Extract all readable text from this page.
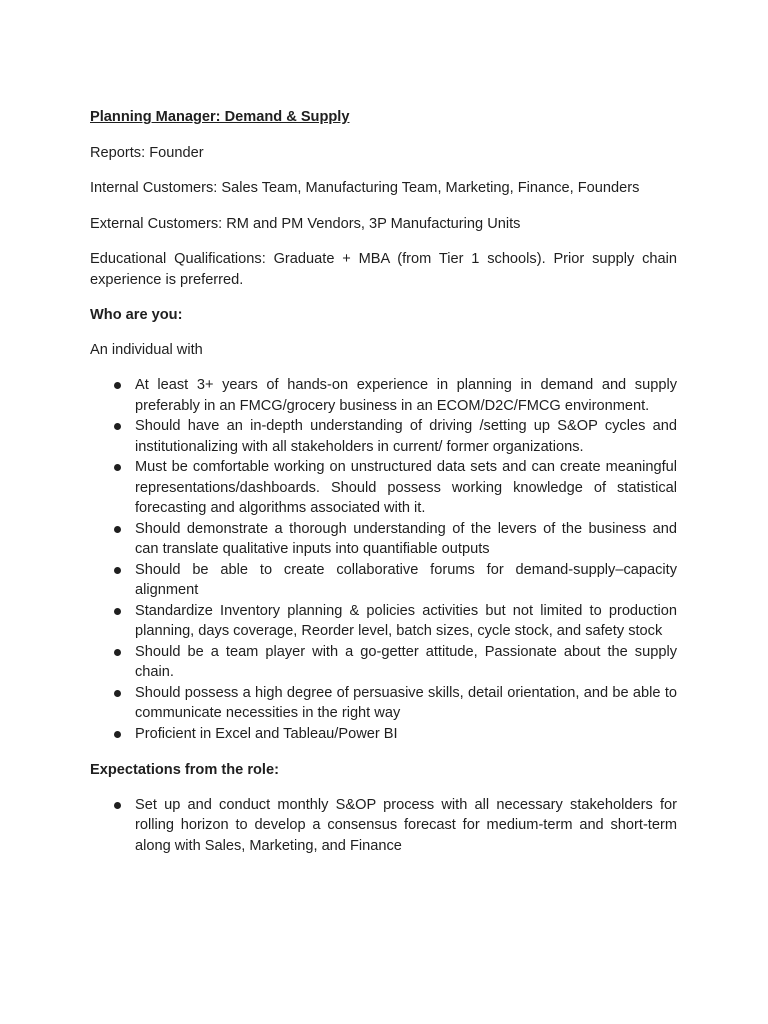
Planning Manager: Demand & Supply

Reports: Founder

Internal Customers: Sales Team, Manufacturing Team, Marketing, Finance, Founders

External Customers: RM and PM Vendors, 3P Manufacturing Units

Educational Qualifications: Graduate + MBA (from Tier 1 schools). Prior supply chain experience is preferred.

Who are you:

An individual with

At least 3+ years of hands-on experience in planning in demand and supply preferably in an FMCG/grocery business in an ECOM/D2C/FMCG environment.
Should have an in-depth understanding of driving /setting up S&OP cycles and institutionalizing with all stakeholders in current/ former organizations.
Must be comfortable working on unstructured data sets and can create meaningful representations/dashboards. Should possess working knowledge of statistical forecasting and algorithms associated with it.
Should demonstrate a thorough understanding of the levers of the business and can translate qualitative inputs into quantifiable outputs
Should be able to create collaborative forums for demand-supply–capacity alignment
Standardize Inventory planning & policies activities but not limited to production planning, days coverage, Reorder level, batch sizes, cycle stock, and safety stock
Should be a team player with a go-getter attitude, Passionate about the supply chain.
Should possess a high degree of persuasive skills, detail orientation, and be able to communicate necessities in the right way
Proficient in Excel and Tableau/Power BI

Expectations from the role:

Set up and conduct monthly S&OP process with all necessary stakeholders for rolling horizon to develop a consensus forecast for medium-term and short-term along with Sales, Marketing, and Finance
